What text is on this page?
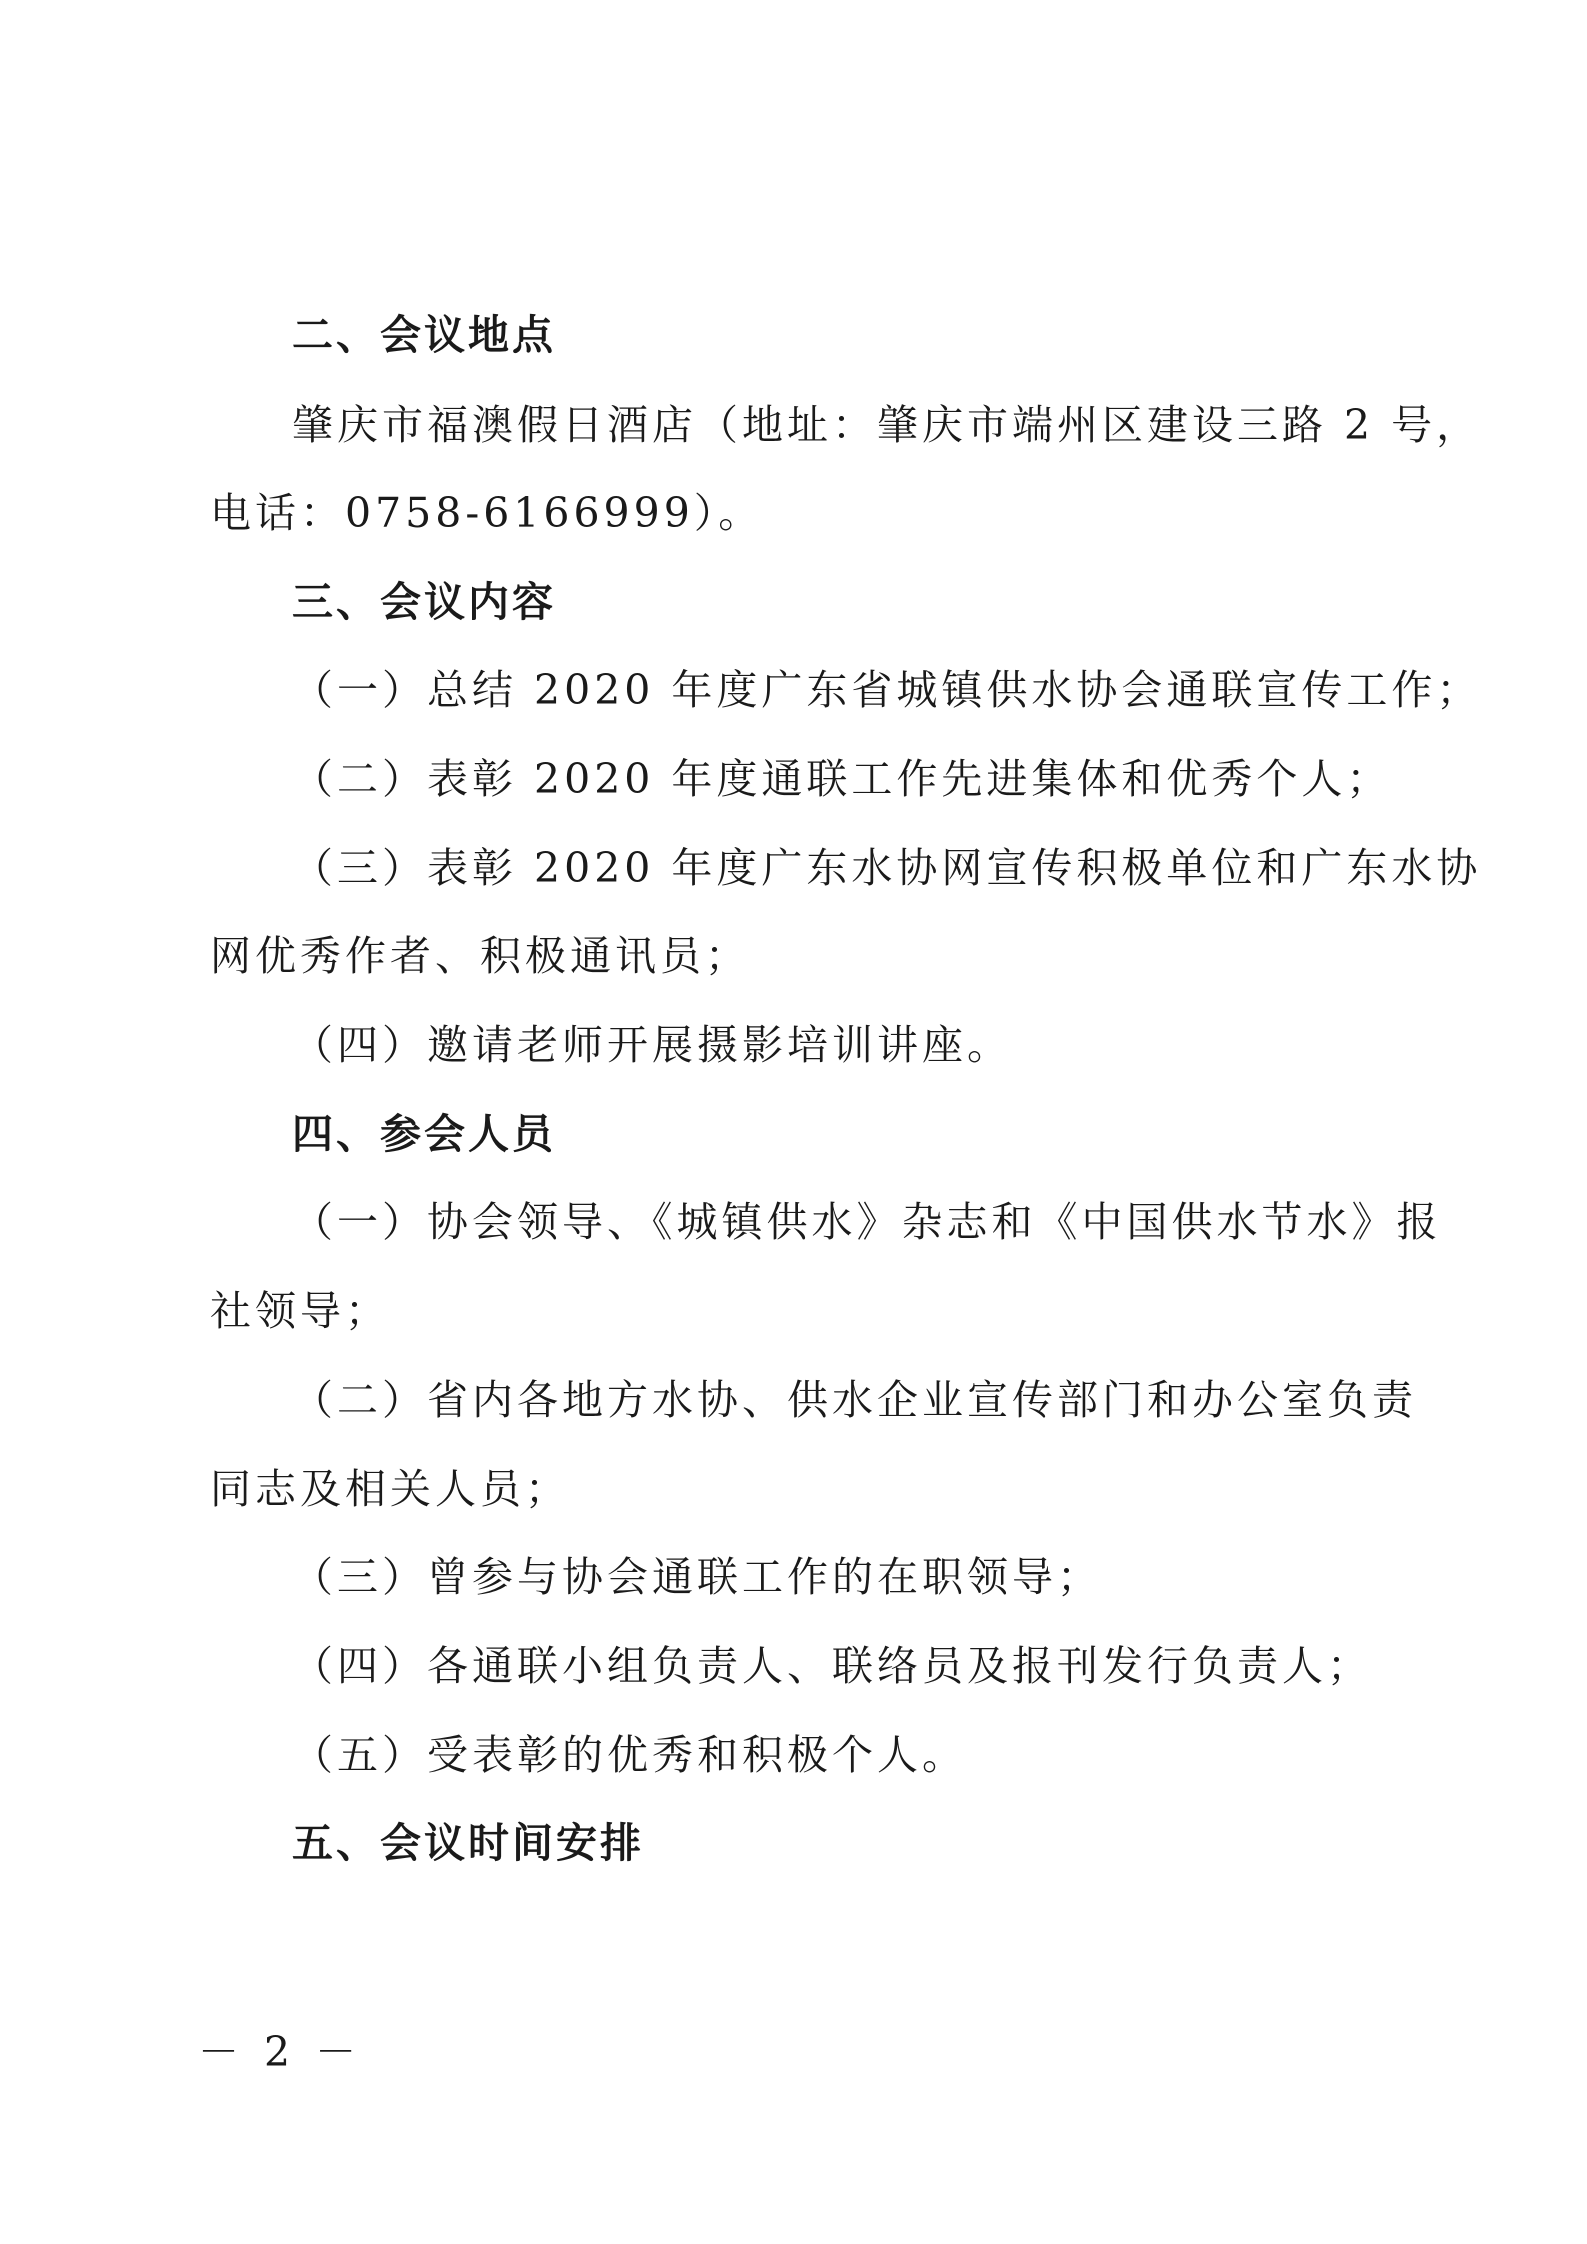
二、会议地点
肇庆市福澳假日酒店（地址：肇庆市端州区建设三路 2 号，
电话：0758-6166999）。
三、会议内容
（一）总结 2020 年度广东省城镇供水协会通联宣传工作；
（二）表彰 2020 年度通联工作先进集体和优秀个人；
（三）表彰 2020 年度广东水协网宣传积极单位和广东水协
网优秀作者、积极通讯员；
（四）邀请老师开展摄影培训讲座。
四、参会人员
（一）协会领导、《城镇供水》杂志和《中国供水节水》报
社领导；
（二）省内各地方水协、供水企业宣传部门和办公室负责
同志及相关人员；
（三）曾参与协会通联工作的在职领导；
（四）各通联小组负责人、联络员及报刊发行负责人；
（五）受表彰的优秀和积极个人。
五、会议时间安排
－ 2 －
